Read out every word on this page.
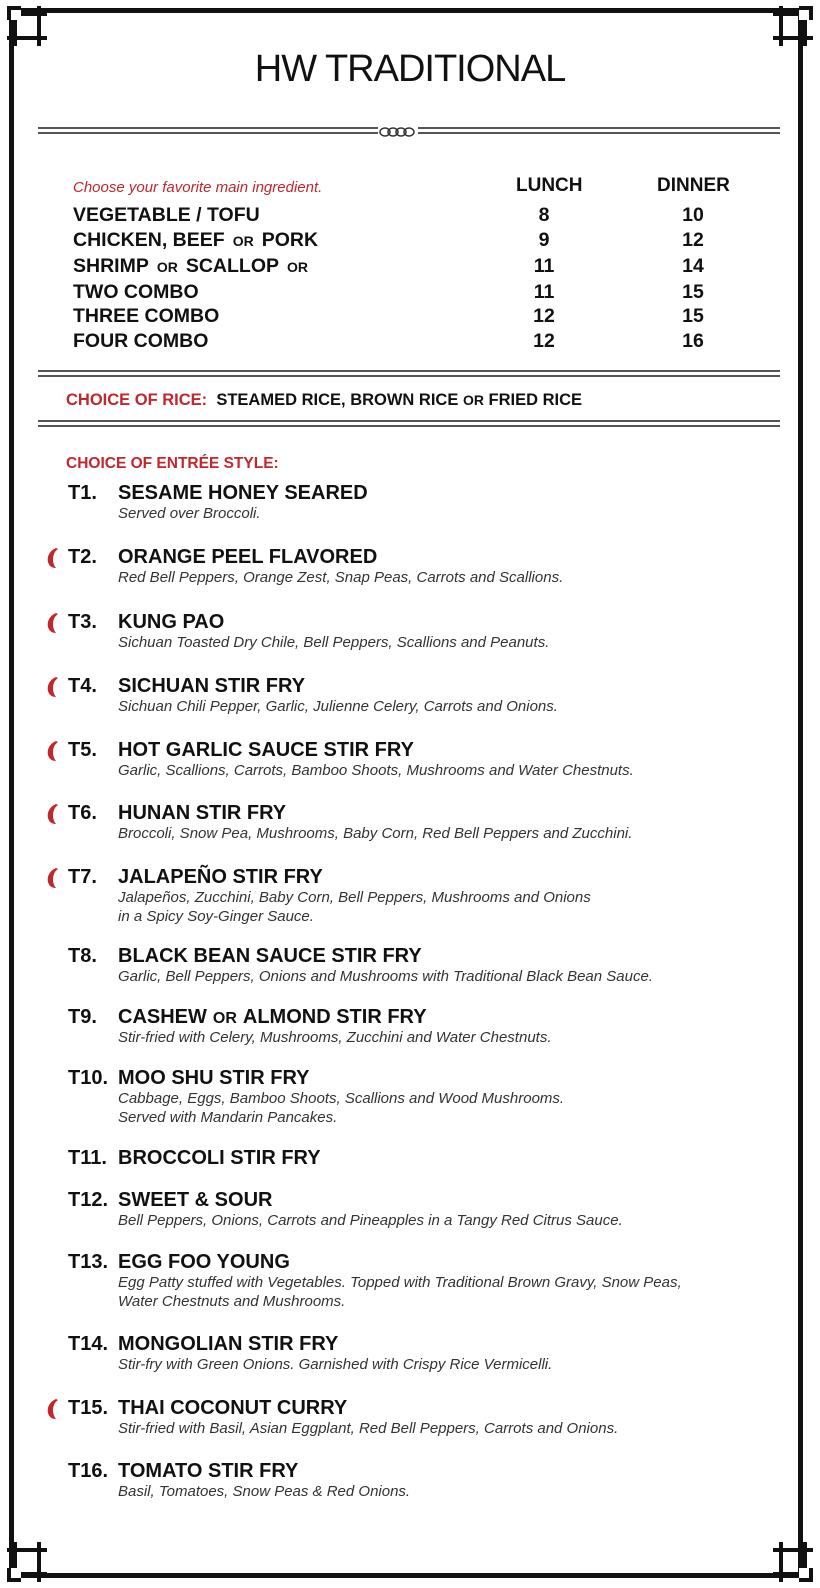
HW TRADITIONAL
Choose your favorite main ingredient.	LUNCH	DINNER
VEGETABLE / TOFU	8	10
CHICKEN, BEEF OR PORK	9	12
SHRIMP OR SCALLOP OR	11	14
TWO COMBO	11	15
THREE COMBO	12	15
FOUR COMBO	12	16
CHOICE OF RICE: STEAMED RICE, BROWN RICE OR FRIED RICE
CHOICE OF ENTRÉE STYLE:
T1. SESAME HONEY SEARED
Served over Broccoli.
T2. ORANGE PEEL FLAVORED
Red Bell Peppers, Orange Zest, Snap Peas, Carrots and Scallions.
T3. KUNG PAO
Sichuan Toasted Dry Chile, Bell Peppers, Scallions and Peanuts.
T4. SICHUAN STIR FRY
Sichuan Chili Pepper, Garlic, Julienne Celery, Carrots and Onions.
T5. HOT GARLIC SAUCE STIR FRY
Garlic, Scallions, Carrots, Bamboo Shoots, Mushrooms and Water Chestnuts.
T6. HUNAN STIR FRY
Broccoli, Snow Pea, Mushrooms, Baby Corn, Red Bell Peppers and Zucchini.
T7. JALAPEÑO STIR FRY
Jalapeños, Zucchini, Baby Corn, Bell Peppers, Mushrooms and Onions
in a Spicy Soy-Ginger Sauce.
T8. BLACK BEAN SAUCE STIR FRY
Garlic, Bell Peppers, Onions and Mushrooms with Traditional Black Bean Sauce.
T9. CASHEW OR ALMOND STIR FRY
Stir-fried with Celery, Mushrooms, Zucchini and Water Chestnuts.
T10. MOO SHU STIR FRY
Cabbage, Eggs, Bamboo Shoots, Scallions and Wood Mushrooms.
Served with Mandarin Pancakes.
T11. BROCCOLI STIR FRY
T12. SWEET & SOUR
Bell Peppers, Onions, Carrots and Pineapples in a Tangy Red Citrus Sauce.
T13. EGG FOO YOUNG
Egg Patty stuffed with Vegetables. Topped with Traditional Brown Gravy, Snow Peas,
Water Chestnuts and Mushrooms.
T14. MONGOLIAN STIR FRY
Stir-fry with Green Onions. Garnished with Crispy Rice Vermicelli.
T15. THAI COCONUT CURRY
Stir-fried with Basil, Asian Eggplant, Red Bell Peppers, Carrots and Onions.
T16. TOMATO STIR FRY
Basil, Tomatoes, Snow Peas & Red Onions.
